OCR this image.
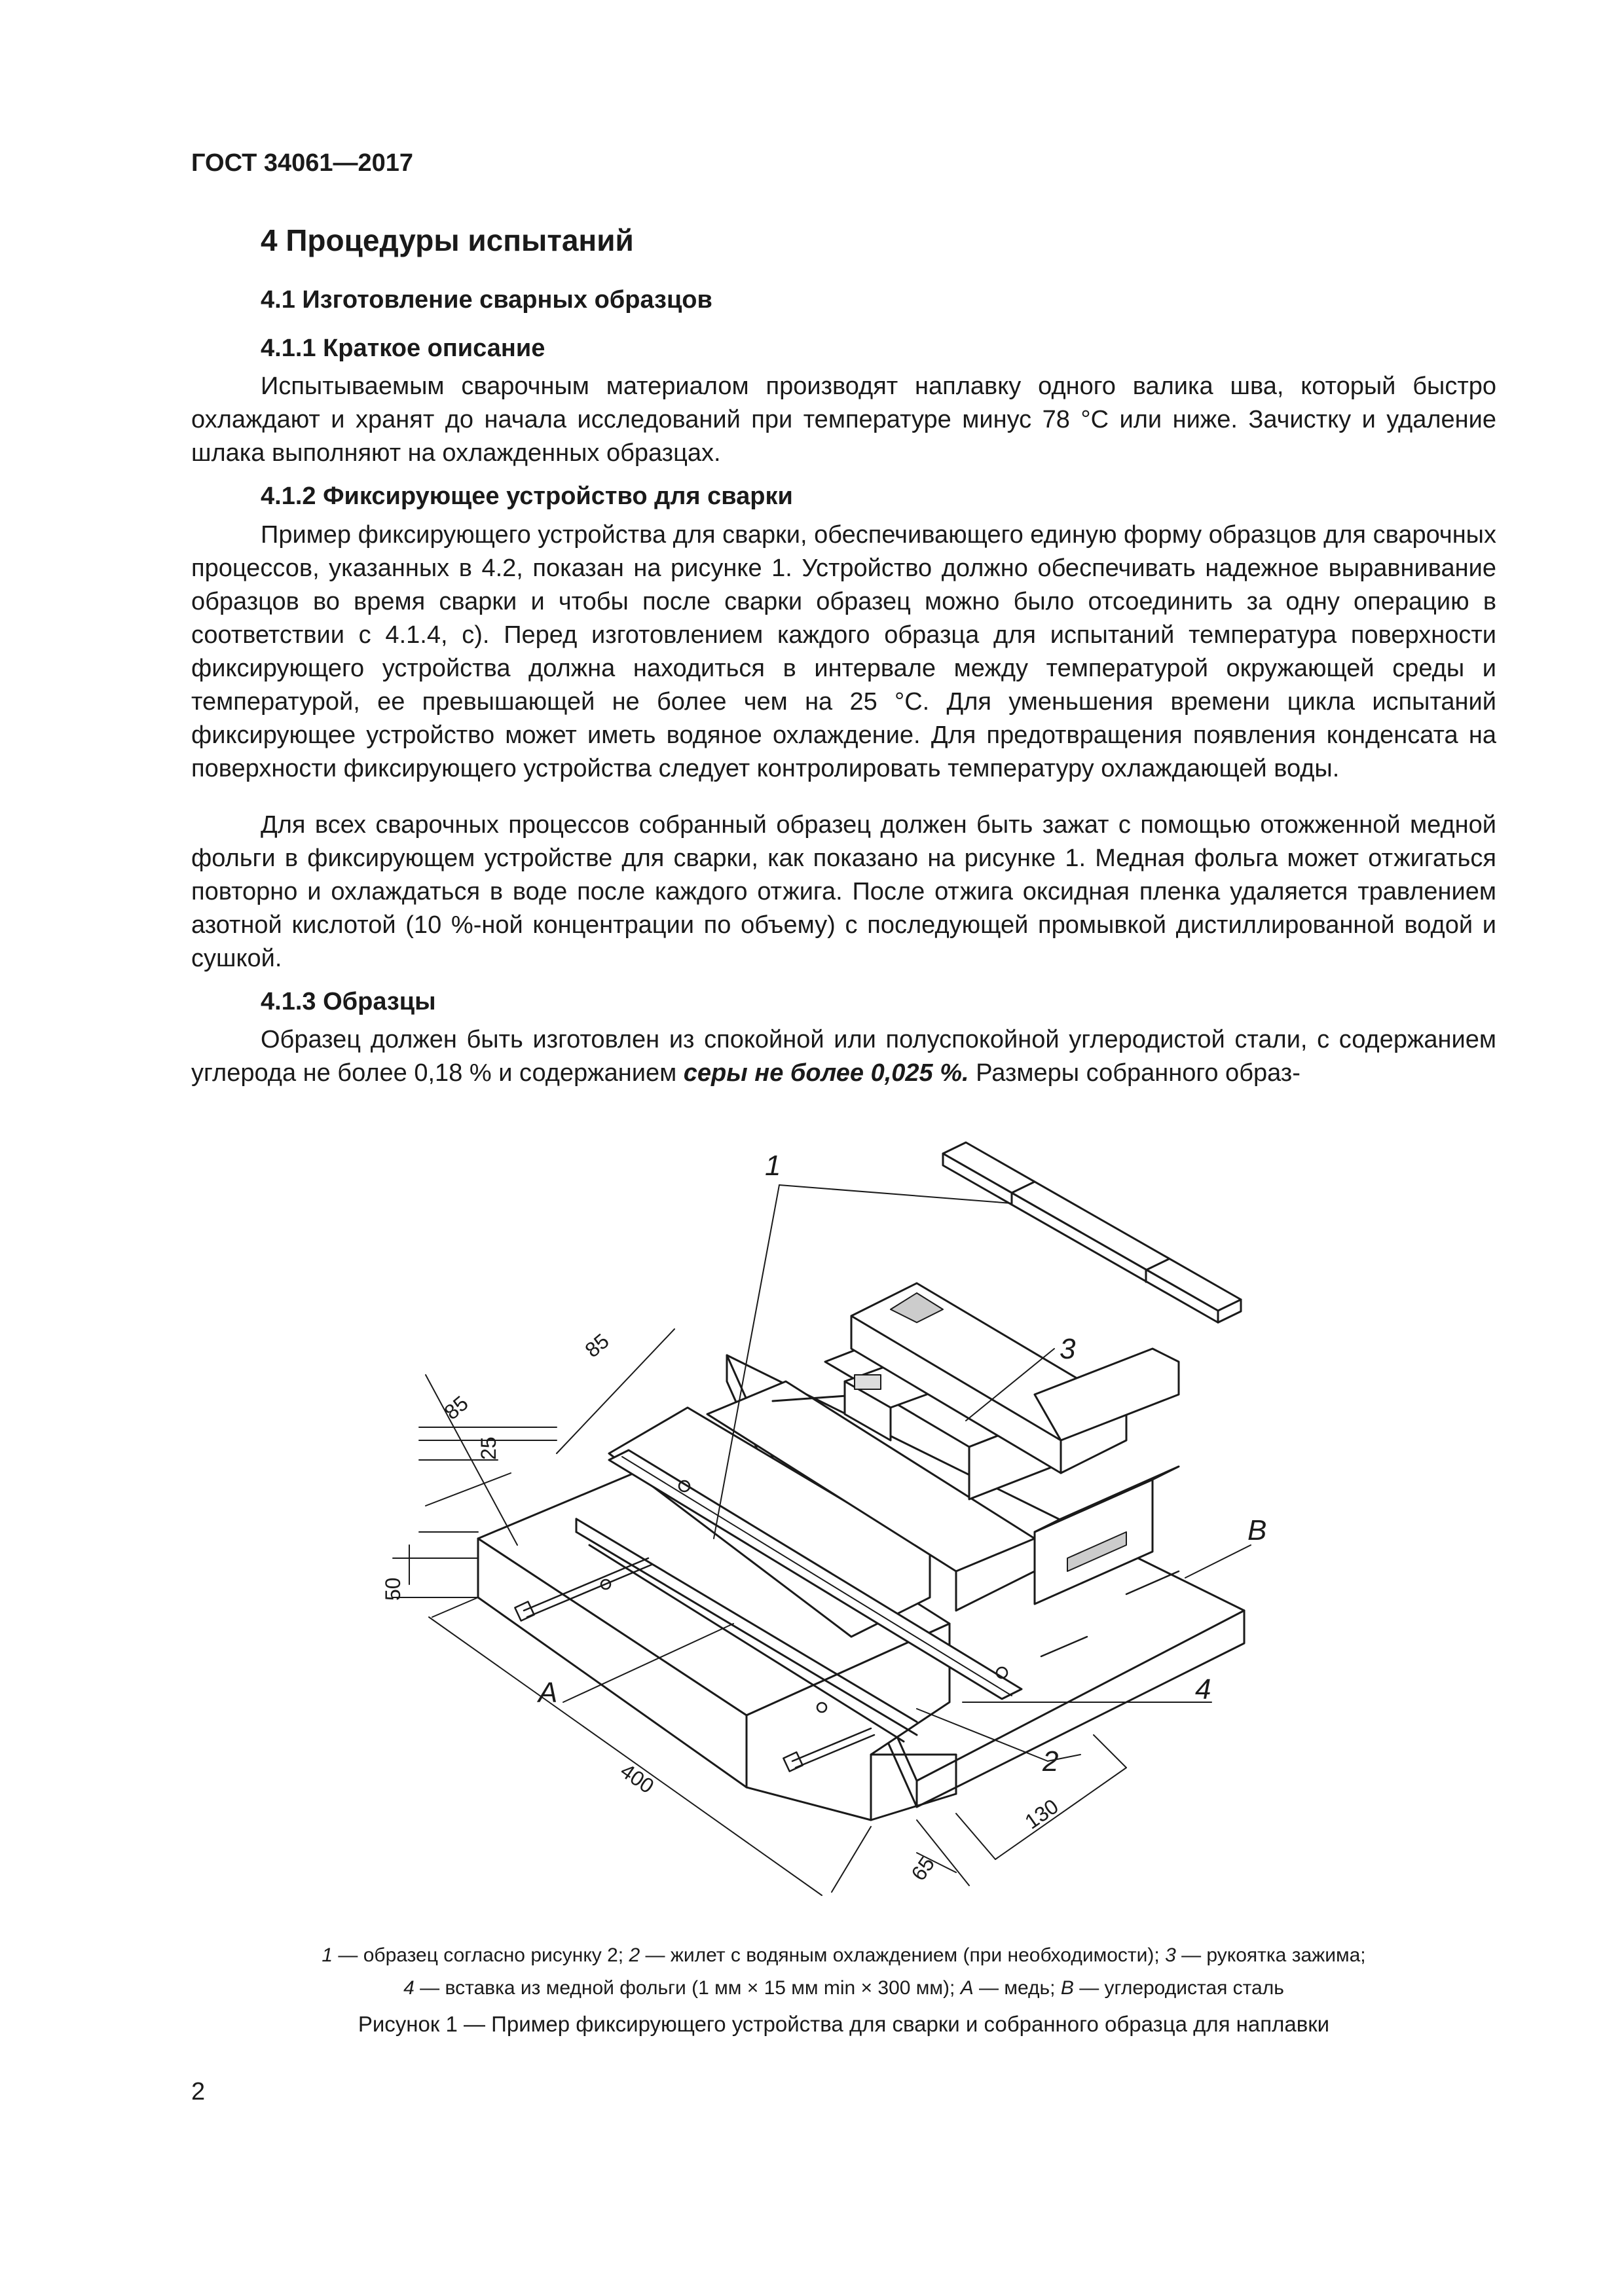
ГОСТ 34061—2017
4 Процедуры испытаний
4.1 Изготовление сварных образцов
4.1.1 Краткое описание

Испытываемым сварочным материалом производят наплавку одного валика шва, который быстро охлаждают и хранят до начала исследований при температуре минус 78 °С или ниже. Зачистку и удаление шлака выполняют на охлажденных образцах.

4.1.2 Фиксирующее устройство для сварки

Пример фиксирующего устройства для сварки, обеспечивающего единую форму образцов для сварочных процессов, указанных в 4.2, показан на рисунке 1. Устройство должно обеспечивать надежное выравнивание образцов во время сварки и чтобы после сварки образец можно было отсоединить за одну операцию в соответствии с 4.1.4, с). Перед изготовлением каждого образца для испытаний температура поверхности фиксирующего устройства должна находиться в интервале между температурой окружающей среды и температурой, ее превышающей не более чем на 25 °С. Для уменьшения времени цикла испытаний фиксирующее устройство может иметь водяное охлаждение. Для предотвращения появления конденсата на поверхности фиксирующего устройства следует контролировать температуру охлаждающей воды.

Для всех сварочных процессов собранный образец должен быть зажат с помощью отожженной медной фольги в фиксирующем устройстве для сварки, как показано на рисунке 1. Медная фольга может отжигаться повторно и охлаждаться в воде после каждого отжига. После отжига оксидная пленка удаляется травлением азотной кислотой (10 %-ной концентрации по объему) с последующей промывкой дистиллированной водой и сушкой.

4.1.3 Образцы

Образец должен быть изготовлен из спокойной или полуспокойной углеродистой стали, с содержанием углерода не более 0,18 % и содержанием серы не более 0,025 %. Размеры собранного образ-

1
3
В
4
2
А
85
85
25
50
400
130
65
1 — образец согласно рисунку 2; 2 — жилет с водяным охлаждением (при необходимости); 3 — рукоятка зажима;
4 — вставка из медной фольги (1 мм × 15 мм min × 300 мм); А — медь; В — углеродистая сталь
Рисунок 1 — Пример фиксирующего устройства для сварки и собранного образца для наплавки
2
